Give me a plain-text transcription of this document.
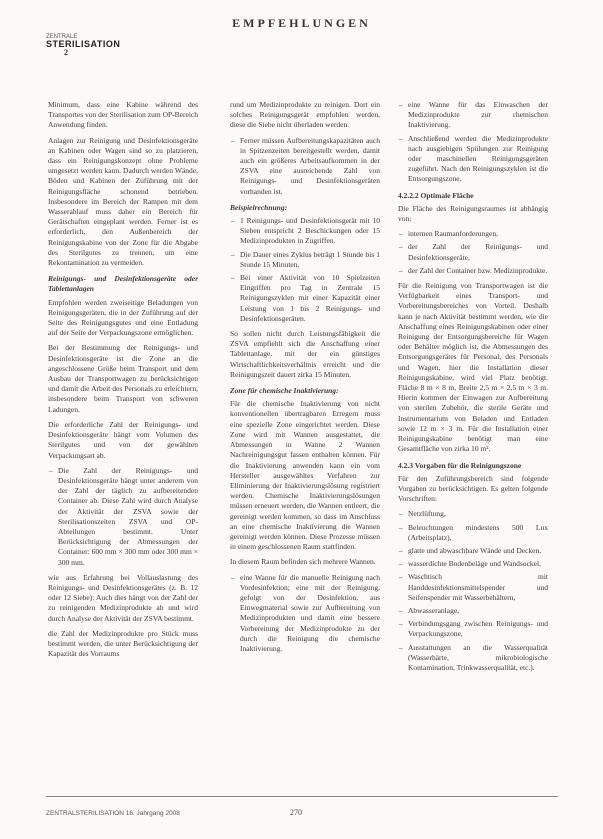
EMPFEHLUNGEN
ZENTRALE
STERILISATION
2

Minimum, dass eine Kabine während des Transportes von der Sterilisation zum OP-Bereich Anwendung finden.

Anlagen zur Reinigung und Desinfektionsgeräte an Kabinen oder Wagen sind so zu platzieren, dass ein Reinigungskonzept ohne Probleme umgesetzt werden kann. Dadurch werden Wände, Böden und Kabinen der Zuführung mit der Reinigungsfläche schonend betrieben. Insbesondere im Bereich der Rampen mit dem Wasserablauf muss daher ein Bereich für Gerätschaften eingeplant werden. Ferner ist es erforderlich, den Außenbereich der Reinigungskabine von der Zone für die Abgabe des Sterilgutes zu trennen, um eine Rekontamination zu vermeiden.

Reinigungs- und Desinfektionsgeräte oder Tablettanlagen

Empfohlen werden zweiseitige Beladungen von Reinigungsgeräten, die in der Zuführung auf der Seite des Reinigungsgutes und eine Entladung auf der Seite der Verpackungszone ermöglichen.

Bei der Bestimmung der Reinigungs- und Desinfektionsgeräte ist die Zone an die angeschlossene Größe beim Transport und dem Ausbau der Transportwagen zu berücksichtigen und damit die Arbeit des Personals zu erleichtern, insbesondere beim Transport von schweren Ladungen.

Die erforderliche Zahl der Reinigungs- und Desinfektionsgeräte hängt vom Volumen des Sterilgutes und von der gewählten Verpackungsart ab.

– Die Zahl der Reinigungs- und Desinfektionsgeräte hängt unter anderem von der Zahl der täglich zu aufbereitenden Container ab. Diese Zahl wird durch Analyse der Aktivität der ZSVA sowie der Sterilisationszeiten ZSVA und OP-Abteilungen bestimmt. Unter Berücksichtigung der Abmessungen der Container: 600 mm × 300 mm oder 300 mm × 300 mm.

wie aus Erfahrung bei Vollauslastung des Reinigungs- und Desinfektionsgerätes (z. B. 12 oder 12 Siebe): Auch dies hängt von der Zahl der zu reinigenden Medizinprodukte ab und wird durch Analyse der Aktivität der ZSVA bestimmt.

die Zahl der Medizinprodukte pro Stück muss bestimmt werden, die unter Berücksichtigung der Kapazität des Vorraums

rund um Medizinprodukte zu reinigen. Dort ein solches Reinigungsgerät empfohlen werden, diese die Siebe nicht überladen werden.

– Ferner müssen Aufbereitungskapazitäten auch in Spitzenzeiten bereitgestellt werden, damit auch ein größeres Arbeitsaufkommen in der ZSVA eine ausreichende Zahl von Reinigungs- und Desinfektionsgeräten vorhanden ist.

Beispielrechnung:

– 1 Reinigungs- und Desinfektionsgerät mit 10 Sieben entspricht 2 Beschickungen oder 15 Medizinprodukten in Zugriffen.
– Die Dauer eines Zyklus beträgt 1 Stunde bis 1 Stunde 15 Minuten.
– Bei einer Aktivität von 10 Spielzeiten Eingriffen pro Tag in Zentrale 15 Reinigungszyklen mit einer Kapazität einer Leistung von 1 bis 2 Reinigungs- und Desinfektionsgeräten.

So sollen nicht durch Leistungsfähigkeit die ZSVA empfiehlt sich die Anschaffung einer Tablettanlage, mit der ein günstiges Wirtschaftlichkeitsverhältnis erreicht und die Reinigungszeit dauert zirka 15 Minuten.

Zone für chemische Inaktivierung:

Für die chemische Inaktivierung von nicht konventionellen übertragbaren Erregern muss eine spezielle Zone eingerichtet werden. Diese Zone wird mit Wannen ausgestattet, die Abmessungen in Wanne 2 Wannen Nachreinigungsgut fassen enthalten können. Für die Inaktivierung anwenden kann ein vom Hersteller ausgewähltes Verfahren zur Eliminierung der Inaktivierungslösung registriert werden. Chemische Inaktivierungslösungen müssen erneuert werden, die Wannen entleert, die gereinigt werden kommen, so dass im Anschluss an eine chemische Inaktivierung die Wannen gereinigt werden können. Diese Prozesse müssen in einem geschlossenen Raum stattfinden.

In diesem Raum befinden sich mehrere Wannen.

– eine Wanne für die manuelle Reinigung nach Vordesinfektion; eine mit der Reinigung, gefolgt von der Desinfektion, aus Einwegmaterial sowie zur Aufbereitung von Medizinprodukten und damit eine bessere Vorbereitung der Medizinprodukte zu der durch die Reinigung die chemische Inaktivierung.
– eine Wanne für das Einwaschen der Medizinprodukte zur chemischen Inaktivierung.
– Anschließend werden die Medizinprodukte nach ausgiebigen Spülungen zur Reinigung oder maschinellen Reinigungsgeräten zugeführt. Nach den Reinigungszyklen ist die Entsorgungszone.

4.2.2.2 Optimale Fläche

Die Fläche des Reinigungsraumes ist abhängig von:

– internen Raumanforderungen,
– der Zahl der Reinigungs- und Desinfektionsgeräte,
– der Zahl der Container bzw. Medizinprodukte.

Für die Reinigung von Transportwagen ist die Verfügbarkeit eines Transport- und Vorbereitungsbereiches von Vorteil. Deshalb kann je nach Aktivität bestimmt werden, wie die Anschaffung eines Reinigungskabinen oder einer Reinigung der Entsorgungsbereiche für Wagen oder Behälter möglich ist, die Abmessungen des Entsorgungsgerätes für Personal, des Personals und Wagen, hier die Installation dieser Reinigungskabine, wird viel Platz benötigt. Fläche 8 m × 8 m, Breite 2,5 m × 2,5 m × 3 m. Hierin kommen der Einwagen zur Aufbereitung von sterilen Zubehör, die sterile Geräte und Instrumentarium von Beladen und Entladen sowie 12 m × 3 m. Für die Installation einer Reinigungskabine benötigt man eine Gesamtfläche von zirka 10 m².

4.2.3 Vorgaben für die Reinigungszone

Für den Zuführungsbereich sind folgende Vorgaben zu berücksichtigen. Es gelten folgende Vorschriften:

– Netzlüftung,
– Beleuchtungen mindestens 500 Lux (Arbeitsplatz),
– glatte und abwaschbare Wände und Decken,
– wasserdichte Bodenbeläge und Wandsockel,
– Waschtisch mit Handdesinfektionsmittelspender und Seifenspender mit Wasserbehältern,
– Abwasseranlage,
– Verbindungsgang zwischen Reinigungs- und Verpackungszone,
– Ausstattungen an die Wasserqualität (Wasserhärte, mikrobiologische Kontamination, Trinkwasserqualität, etc.).
ZENTRALSTERILISATION 16. Jahrgang 2008	270
